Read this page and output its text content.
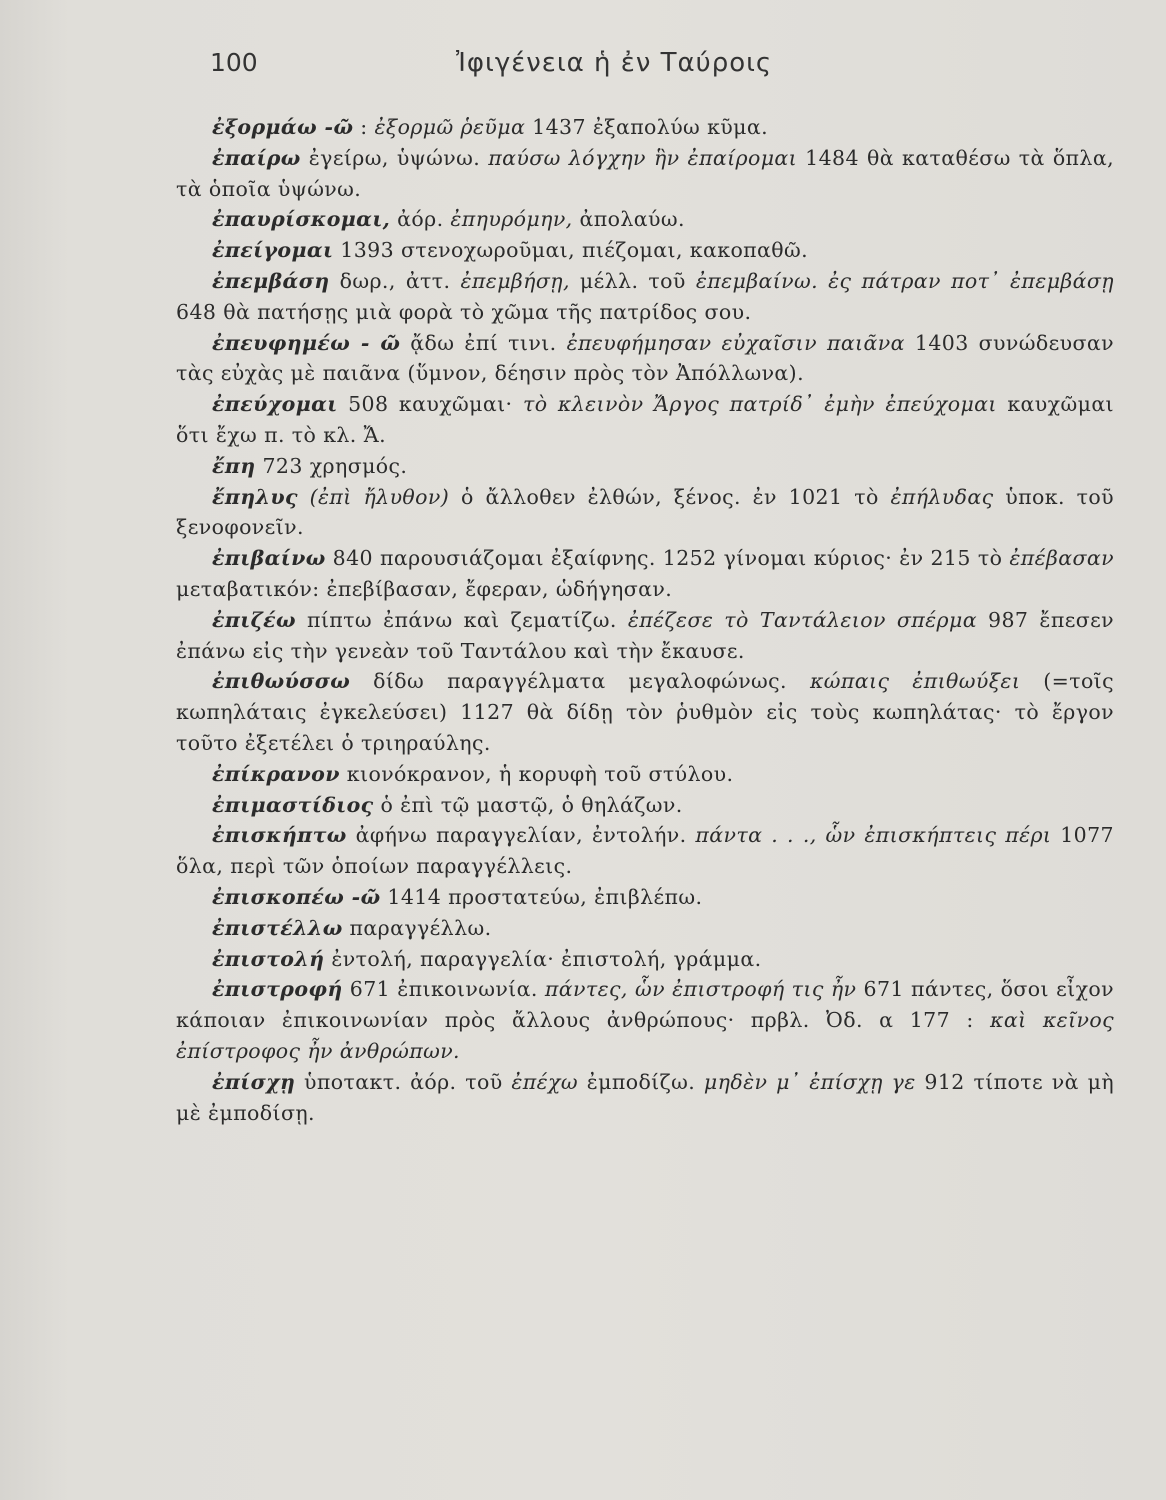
100	Ἰφιγένεια ἡ ἐν Ταύροις

ἐξορμάω -ῶ : ἐξορμῶ ῥεῦμα 1437 ἐξαπολύω κῦμα.

ἐπαίρω ἐγείρω, ὑψώνω. παύσω λόγχην ἣν ἐπαίρομαι 1484 θὰ καταθέσω τὰ ὅπλα, τὰ ὁποῖα ὑψώνω.

ἐπαυρίσκομαι, ἀόρ. ἐπηυρόμην, ἀπολαύω.

ἐπείγομαι 1393 στενοχωροῦμαι, πιέζομαι, κακοπαθῶ.

ἐπεμβάση δωρ., ἀττ. ἐπεμβήσῃ, μέλλ. τοῦ ἐπεμβαίνω. ἐς πάτραν ποτ᾽ ἐπεμβάσῃ 648 θὰ πατήσῃς μιὰ φορὰ τὸ χῶμα τῆς πατρίδος σου.

ἐπευφημέω - ῶ ᾄδω ἐπί τινι. ἐπευφήμησαν εὐχαῖσιν παιᾶνα 1403 συνώδευσαν τὰς εὐχὰς μὲ παιᾶνα (ὕμνον, δέησιν πρὸς τὸν Ἀπόλλωνα).

ἐπεύχομαι 508 καυχῶμαι· τὸ κλεινὸν Ἄργος πατρίδ᾽ ἐμὴν ἐπεύχομαι καυχῶμαι ὅτι ἔχω π. τὸ κλ. Ἄ.

ἔπη 723 χρησμός.

ἔπηλυς (ἐπὶ ἤλυθον) ὁ ἄλλοθεν ἐλθών, ξένος. ἐν 1021 τὸ ἐπήλυδας ὑποκ. τοῦ ξενοφονεῖν.

ἐπιβαίνω 840 παρουσιάζομαι ἐξαίφνης. 1252 γίνομαι κύριος· ἐν 215 τὸ ἐπέβασαν μεταβατικόν: ἐπεβίβασαν, ἔφεραν, ὡδήγησαν.

ἐπιζέω πίπτω ἐπάνω καὶ ζεματίζω. ἐπέζεσε τὸ Ταντάλειον σπέρμα 987 ἔπεσεν ἐπάνω εἰς τὴν γενεὰν τοῦ Ταντάλου καὶ τὴν ἔκαυσε.

ἐπιθωύσσω δίδω παραγγέλματα μεγαλοφώνως. κώπαις ἐπιθωύξει (=τοῖς κωπηλάταις ἐγκελεύσει) 1127 θὰ δίδῃ τὸν ῥυθμὸν εἰς τοὺς κωπηλάτας· τὸ ἔργον τοῦτο ἐξετέλει ὁ τριηραύλης.

ἐπίκρανον κιονόκρανον, ἡ κορυφὴ τοῦ στύλου.

ἐπιμαστίδιος ὁ ἐπὶ τῷ μαστῷ, ὁ θηλάζων.

ἐπισκήπτω ἀφήνω παραγγελίαν, ἐντολήν. πάντα . . ., ὧν ἐπισκήπτεις πέρι 1077 ὅλα, περὶ τῶν ὁποίων παραγγέλλεις.

ἐπισκοπέω -ῶ 1414 προστατεύω, ἐπιβλέπω.

ἐπιστέλλω παραγγέλλω.

ἐπιστολή ἐντολή, παραγγελία· ἐπιστολή, γράμμα.

ἐπιστροφή 671 ἐπικοινωνία. πάντες, ὧν ἐπιστροφή τις ἦν 671 πάντες, ὅσοι εἶχον κάποιαν ἐπικοινωνίαν πρὸς ἄλλους ἀνθρώπους· πρβλ. Ὀδ. α 177 : καὶ κεῖνος ἐπίστροφος ἦν ἀνθρώπων.

ἐπίσχῃ ὑποτακτ. ἀόρ. τοῦ ἐπέχω ἐμποδίζω. μηδὲν μ᾽ ἐπίσχῃ γε 912 τίποτε νὰ μὴ μὲ ἐμποδίσῃ.
